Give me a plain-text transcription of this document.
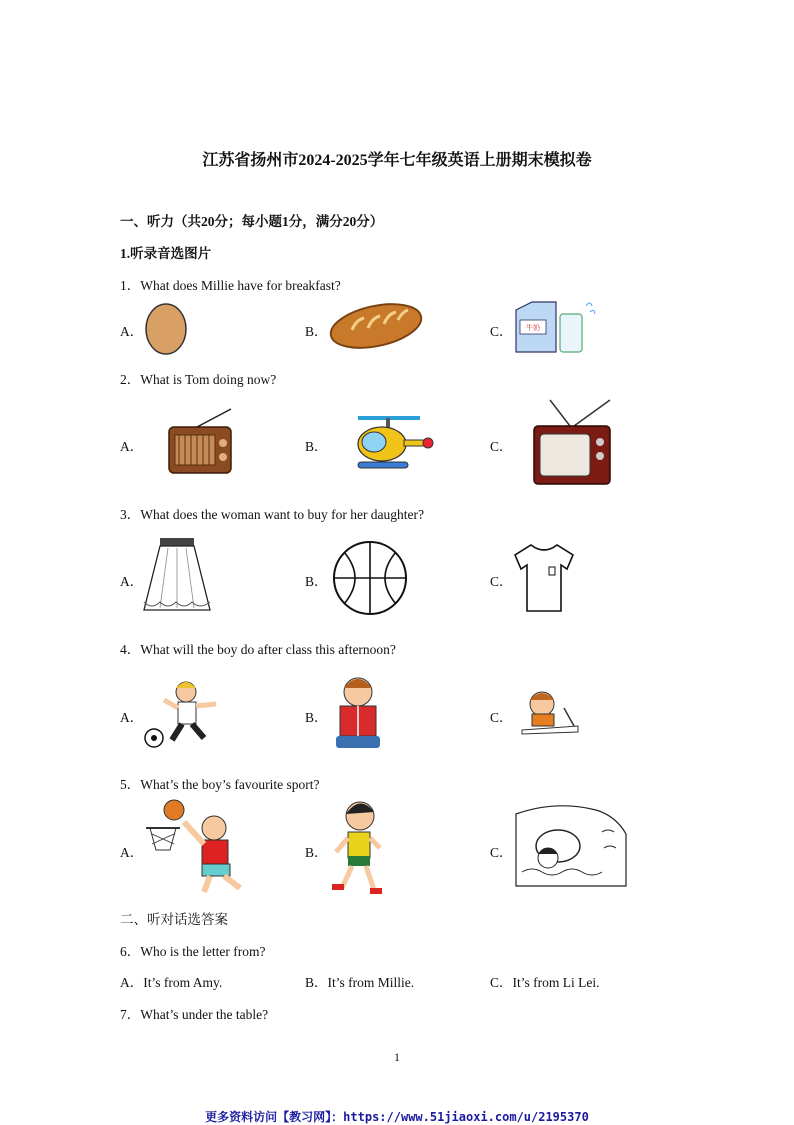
江苏省扬州市2024-2025学年七年级英语上册期末模拟卷
一、听力（共20分；每小题1分，满分20分）
1.听录音选图片
1．What does Millie have for breakfast?
A．	B．	C． 牛奶
2．What is Tom doing now?
A．	B．	C．
3．What does the woman want to buy for her daughter?
A．	B．	C．
4．What will the boy do after class this afternoon?
A．	B．	C．
5．What’s the boy’s favourite sport?
A．	B．	C．
二、听对话选答案
6．Who is the letter from?
A．It’s from Amy.	B．It’s from Millie.	C．It’s from Li Lei.
7．What’s under the table?
1
更多资料访问【教习网】：https://www.51jiaoxi.com/u/2195370
